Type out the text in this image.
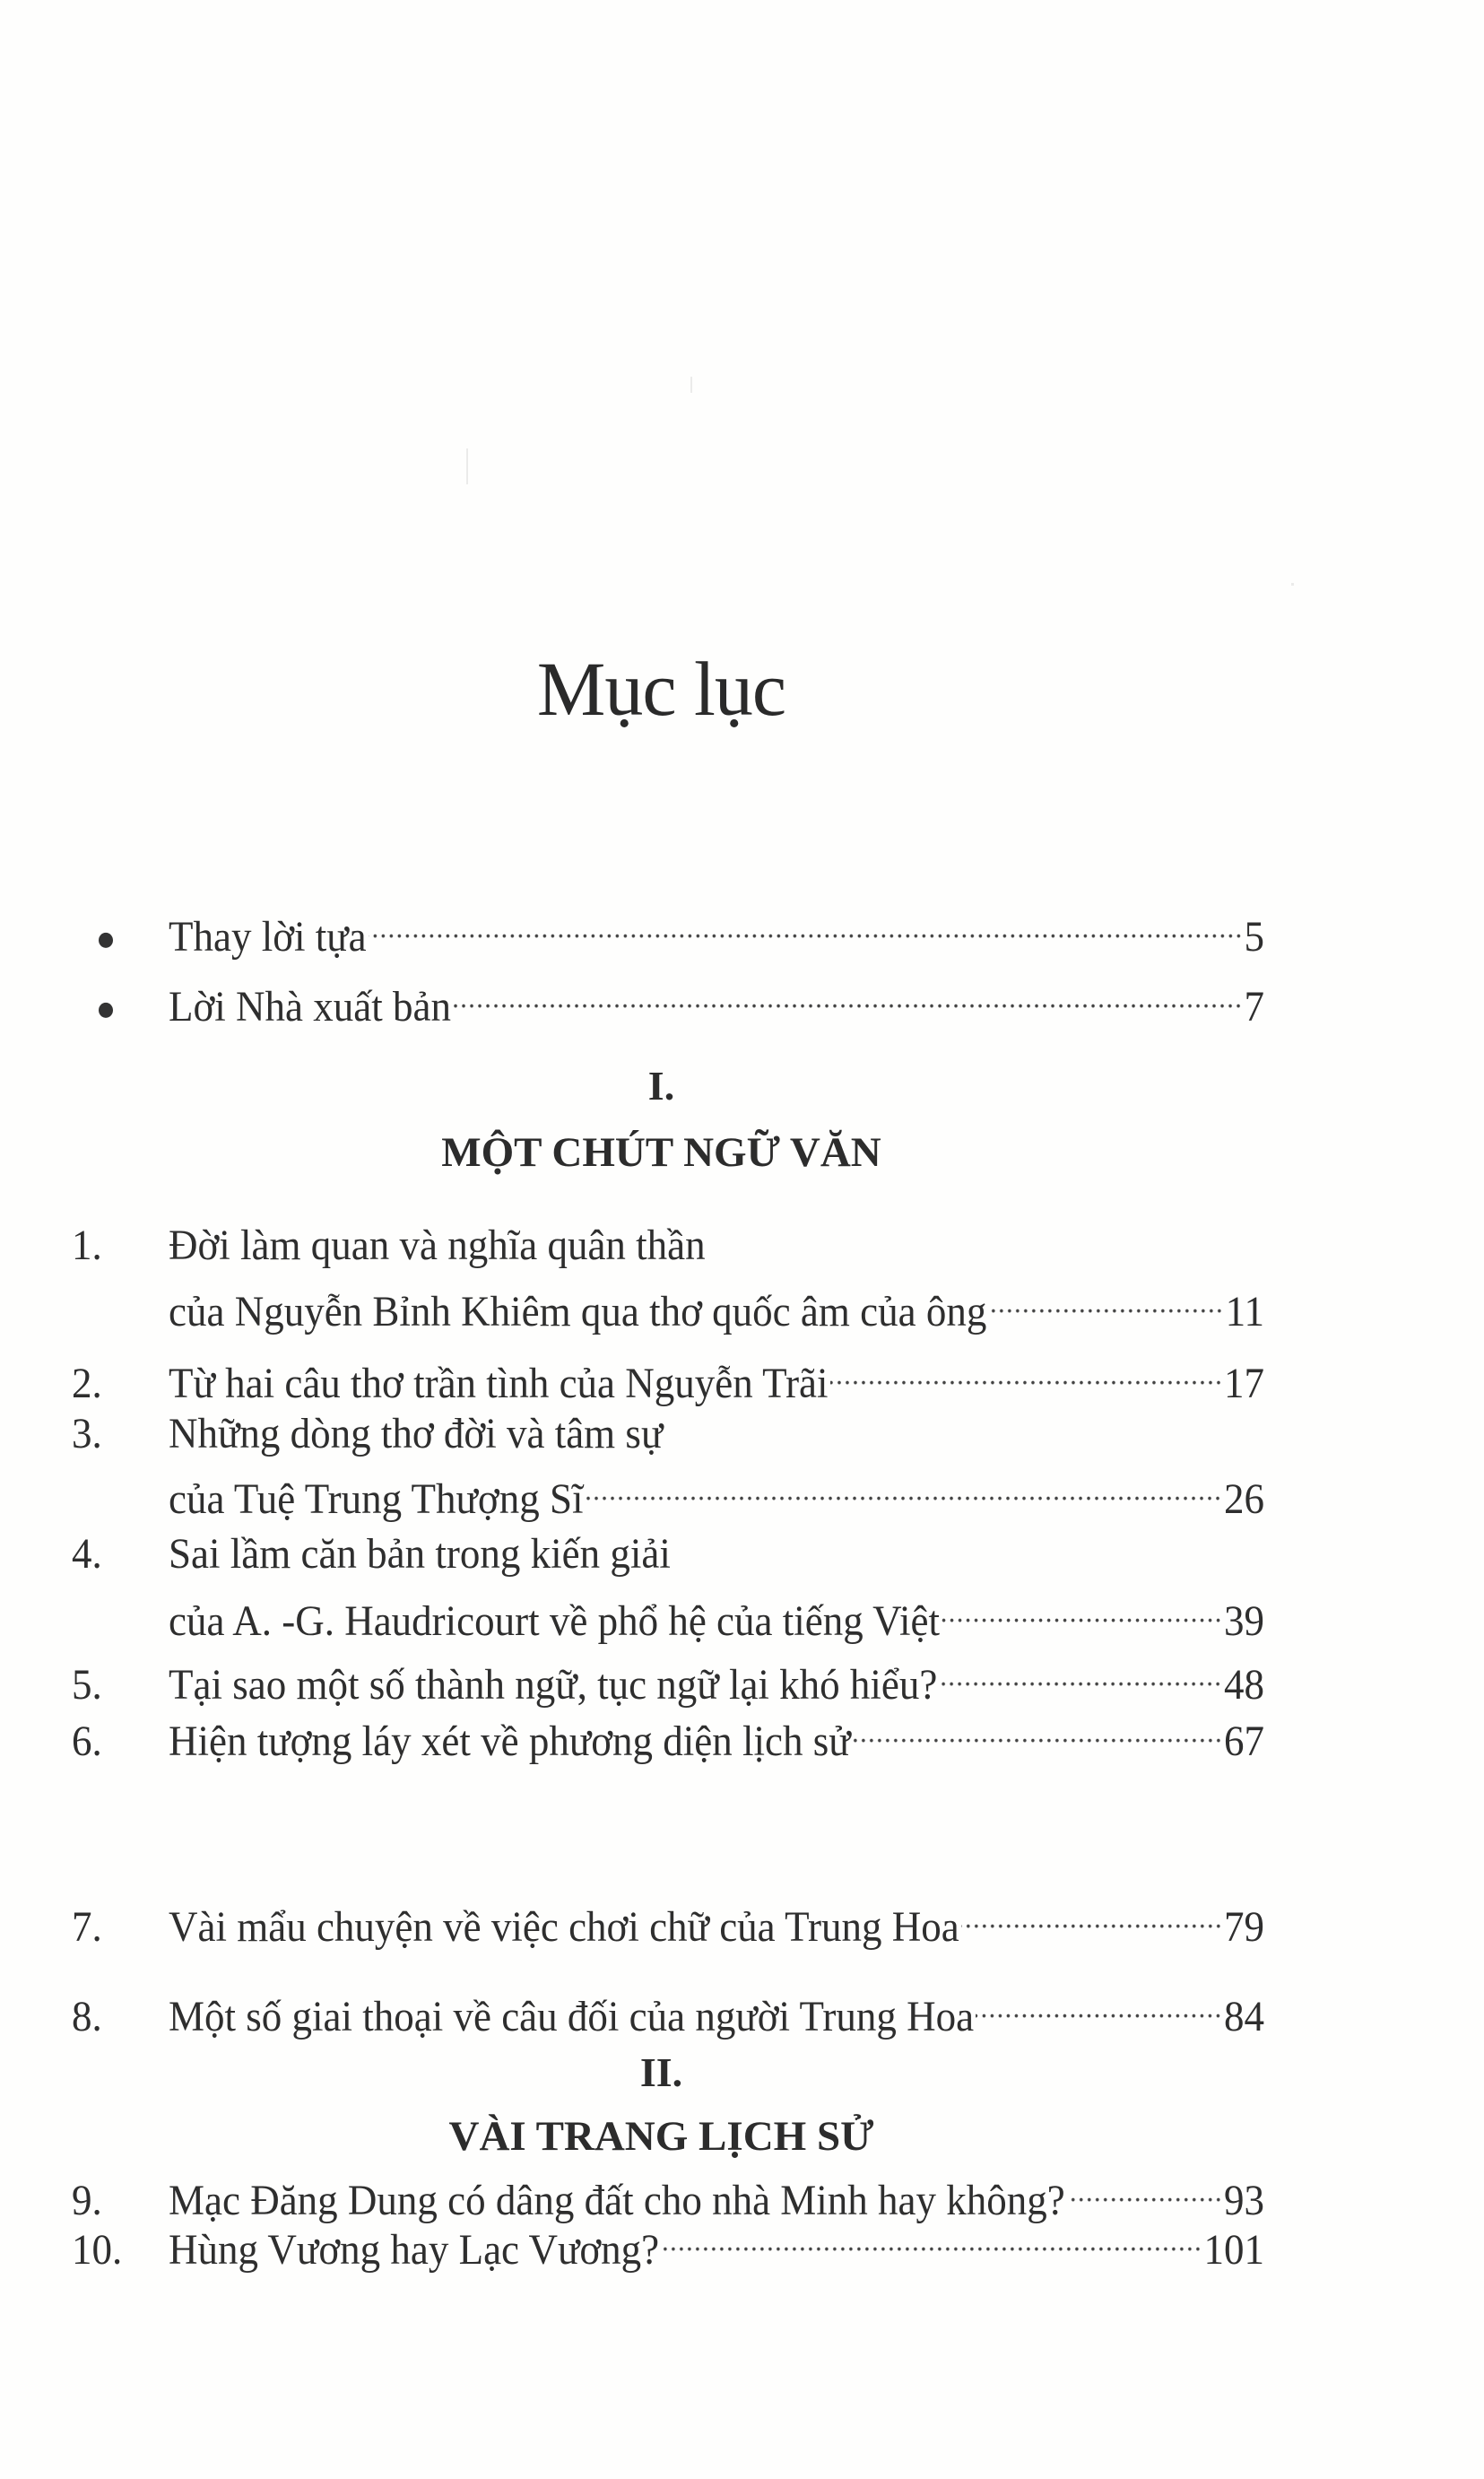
Mục lục
Thay lời tựa	5
Lời Nhà xuất bản	7
I.
MỘT CHÚT NGỮ VĂN
1.	Đời làm quan và nghĩa quân thần
của Nguyễn Bỉnh Khiêm qua thơ quốc âm của ông	11
2.	Từ hai câu thơ trần tình của Nguyễn Trãi	17
3.	Những dòng thơ đời và tâm sự
của Tuệ Trung Thượng Sĩ	26
4.	Sai lầm căn bản trong kiến giải
của A. -G. Haudricourt về phổ hệ của tiếng Việt	39
5.	Tại sao một số thành ngữ, tục ngữ lại khó hiểu?	48
6.	Hiện tượng láy xét về phương diện lịch sử	67
7.	Vài mẩu chuyện về việc chơi chữ của Trung Hoa	79
8.	Một số giai thoại về câu đối của người Trung Hoa	84
II.
VÀI TRANG LỊCH SỬ
9.	Mạc Đăng Dung có dâng đất cho nhà Minh hay không?	93
10.	Hùng Vương hay Lạc Vương?	101
